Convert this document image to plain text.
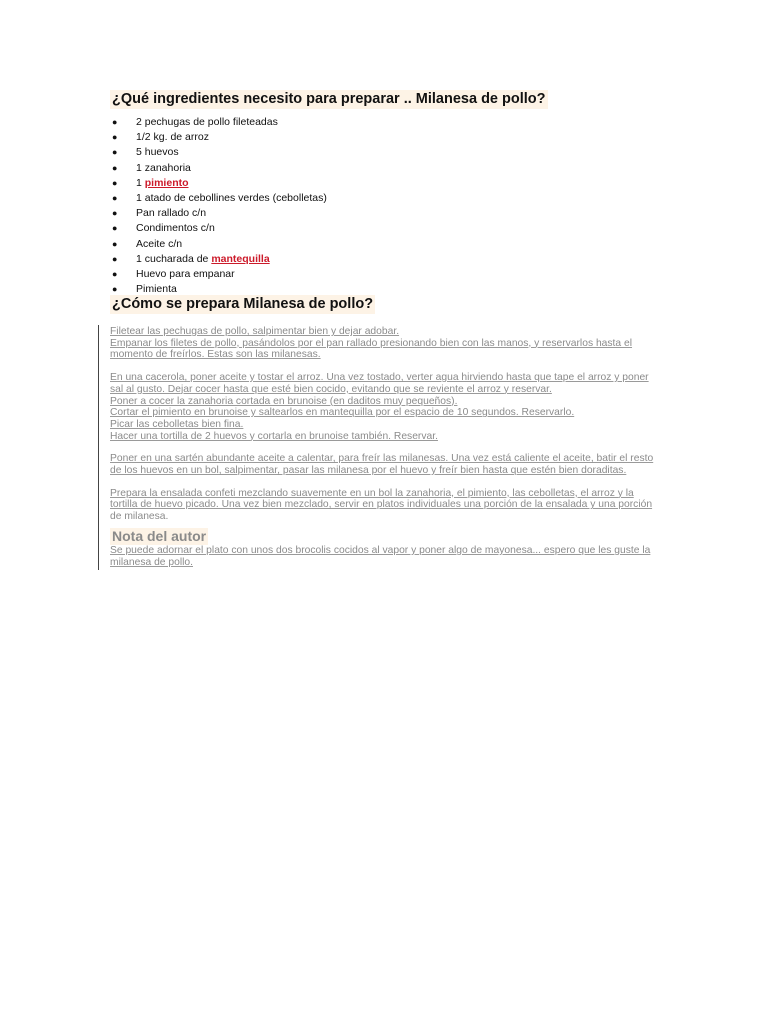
¿Qué ingredientes necesito para preparar .. Milanesa de pollo?
● 2 pechugas de pollo fileteadas
● 1/2 kg. de arroz
● 5 huevos
● 1 zanahoria
● 1 pimiento
● 1 atado de cebollines verdes (cebolletas)
● Pan rallado c/n
● Condimentos c/n
● Aceite c/n
● 1 cucharada de mantequilla
● Huevo para empanar
● Pimienta
¿Cómo se prepara Milanesa de pollo?
Filetear las pechugas de pollo, salpimentar bien y dejar adobar.
Empanar los filetes de pollo, pasándolos por el pan rallado presionando bien con las manos, y reservarlos hasta el
momento de freírlos. Estas son las milanesas.
En una cacerola, poner aceite y tostar el arroz. Una vez tostado, verter agua hirviendo hasta que tape el arroz y poner
sal al gusto. Dejar cocer hasta que esté bien cocido, evitando que se reviente el arroz y reservar.
Poner a cocer la zanahoria cortada en brunoise (en daditos muy pequeños).
Cortar el pimiento en brunoise y saltearlos en mantequilla por el espacio de 10 segundos. Reservarlo.
Picar las cebolletas bien fina.
Hacer una tortilla de 2 huevos y cortarla en brunoise también. Reservar.
Poner en una sartén abundante aceite a calentar, para freír las milanesas. Una vez está caliente el aceite, batir el resto
de los huevos en un bol, salpimentar, pasar las milanesa por el huevo y freír bien hasta que estén bien doraditas.
Prepara la ensalada confeti mezclando suavemente en un bol la zanahoria, el pimiento, las cebolletas, el arroz y la
tortilla de huevo picado. Una vez bien mezclado, servir en platos individuales una porción de la ensalada y una porción
de milanesa.
Nota del autor
Se puede adornar el plato con unos dos brocolis cocidos al vapor y poner algo de mayonesa... espero que les guste la
milanesa de pollo.
